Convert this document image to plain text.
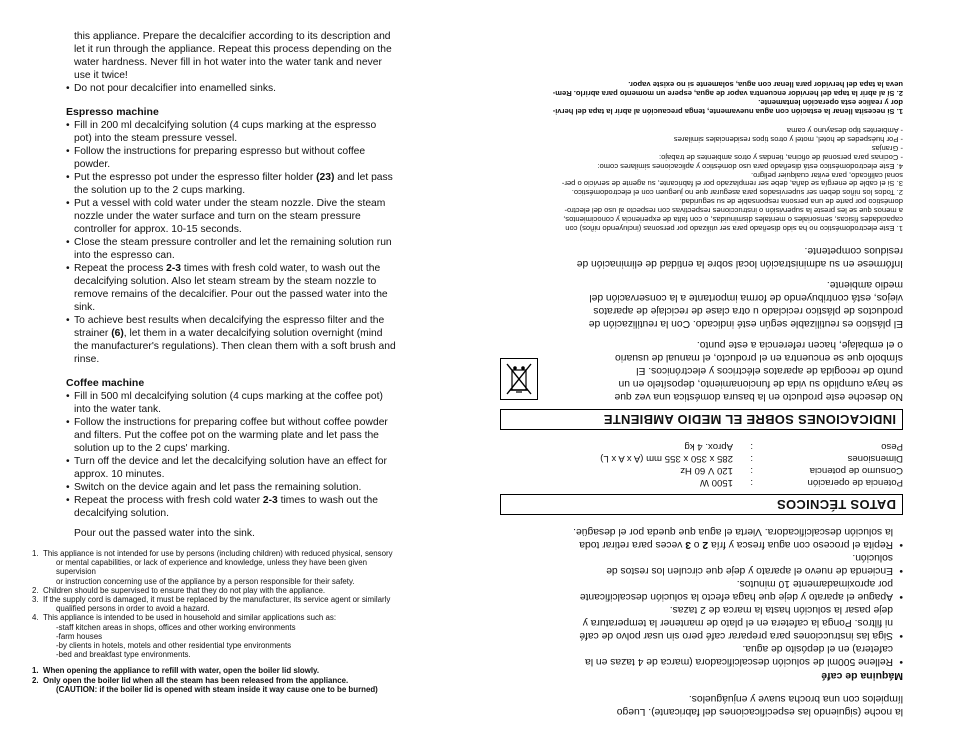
this appliance. Prepare the decalcifier according to its description and
let it run through the appliance. Repeat this process depending on the
water hardness. Never fill in hot water into the water tank and never
use it twice!
• Do not pour decalcifier into enamelled sinks.
Espresso machine
• Fill in 200 ml decalcifying solution (4 cups marking at the espresso
pot) into the steam pressure vessel.
• Follow the instructions for preparing espresso but without coffee
powder.
• Put the espresso pot under the espresso filter holder (23) and let pass
the solution up to the 2 cups marking.
• Put a vessel with cold water under the steam nozzle. Dive the steam
nozzle under the water surface and turn on the steam pressure
controller for approx. 10-15 seconds.
• Close the steam pressure controller and let the remaining solution run
into the espresso can.
• Repeat the process 2-3 times with fresh cold water, to wash out the
decalcifying solution. Also let steam stream by the steam nozzle to
remove remains of the decalcifier. Pour out the passed water into the
sink.
• To achieve best results when decalcifying the espresso filter and the
strainer (6), let them in a water decalcifying solution overnight (mind
the manufacturer's regulations). Then clean them with a soft brush and
rinse.
Coffee machine
• Fill in 500 ml decalcifying solution (4 cups marking at the coffee pot)
into the water tank.
• Follow the instructions for preparing coffee but without coffee powder
and filters. Put the coffee pot on the warming plate and let pass the
solution up to the 2 cups' marking.
• Turn off the device and let the decalcifying solution have an effect for
approx. 10 minutes.
• Switch on the device again and let pass the remaining solution.
• Repeat the process with fresh cold water 2-3 times to wash out the
decalcifying solution.
Pour out the passed water into the sink.
1. This appliance is not intended for use by persons (including children) with reduced physical, sensory
or mental capabilities, or lack of experience and knowledge, unless they have been given supervision
or instruction concerning use of the appliance by a person responsible for their safety.
2. Children should be supervised to ensure that they do not play with the appliance.
3. If the supply cord is damaged, it must be replaced by the manufacturer, its service agent or similarly
qualified persons in order to avoid a hazard.
4. This appliance is intended to be used in household and similar applications such as:
-staff kitchen areas in shops, offices and other working environments
-farm houses
-by clients in hotels, motels and other residential type environments
-bed and breakfast type environments.
1. When opening the appliance to refill with water, open the boiler lid slowly.
2. Only open the boiler lid when all the steam has been released from the appliance.
(CAUTION: if the boiler lid is opened with steam inside it way cause one to be burned)
la noche (siguiendo las especificaciones del fabricante). Luego
límpielos con una brocha suave y enjuáguelos.
Máquina de café
• Rellene 500ml de solución descalcificadora (marca de 4 tazas en la
cafetera) en el depósito de agua.
• Siga las instrucciones para preparar café pero sin usar polvo de café
ni filtros. Ponga la cafetera en el plato de mantener la temperatura y
deje pasar la solución hasta la marca de 2 tazas.
• Apague el aparato y deje que haga efecto la solución descalcificante
por aproximadamente 10 minutos.
• Encienda de nuevo el aparato y deje que circulen los restos de
solución.
• Repita el proceso con agua fresca y fría 2 o 3 veces para retirar toda
la solución descalcificadora. Vierta el agua que queda por el desagüe.
DATOS TÉCNICOS
Potencia de operación	:	1500 W
Consumo de potencia	:	120 V 60 Hz
Dimensiones	:	285 x 350 x 355 mm (A x A x L)
Peso	:	Aprox. 4 kg
INDICACIONES SOBRE EL MEDIO AMBIENTE
No deseche este producto en la basura doméstica una vez que
se haya cumplido su vida de funcionamiento, deposítelo en un
punto de recogida de aparatos eléctricos y electrónicos. El
símbolo que se encuentra en el producto, el manual de usuario
o el embalaje, hacen referencia a este punto.
El plástico es reutilizable según esté indicado. Con la reutilización de
productos de plástico reciclado u otra clase de reciclaje de aparatos
viejos, está contribuyendo de forma importante a la conservación del
medio ambiente.
Infórmese en su administración local sobre la entidad de eliminación de
residuos competente.
1. Este electrodoméstico no ha sido diseñado para ser utilizado por personas (incluyendo niños) con
capacidades físicas, sensoriales o mentales disminuidas, o con falta de experiencia y conocimientos,
a menos que se les preste la supervisión o instrucciones respectivas con respecto al uso del electro-
doméstico por parte de una persona responsable de su seguridad.
2. Todos los niños deben ser supervisados para asegurar que no jueguen con el electrodoméstico.
3. Si el cable de energía se daña, debe ser remplazado por el fabricante, su agente de servicio o per-
sonal calificado, para evitar cualquier peligro.
4. Este electrodoméstico está diseñado para uso doméstico y aplicaciones similares como:
- Cocinas para personal de oficina, tiendas y otros ambientes de trabajo:
- Granjas
- Por huéspedes de hotel, motel y otros tipos residenciales similares
- Ambientes tipo desayuno y cama
1. Si necesita llenar la estación con agua nuevamente, tenga precaución al abrir la tapa del hervi-
dor y realice esta operación lentamente.
2. Sí al abrir la tapa del hervidor encuentra vapor de agua, espere un momento para abrirlo. Rem-
ueva la tapa del hervidor para llenar con agua, solamente si no existe vapor.
